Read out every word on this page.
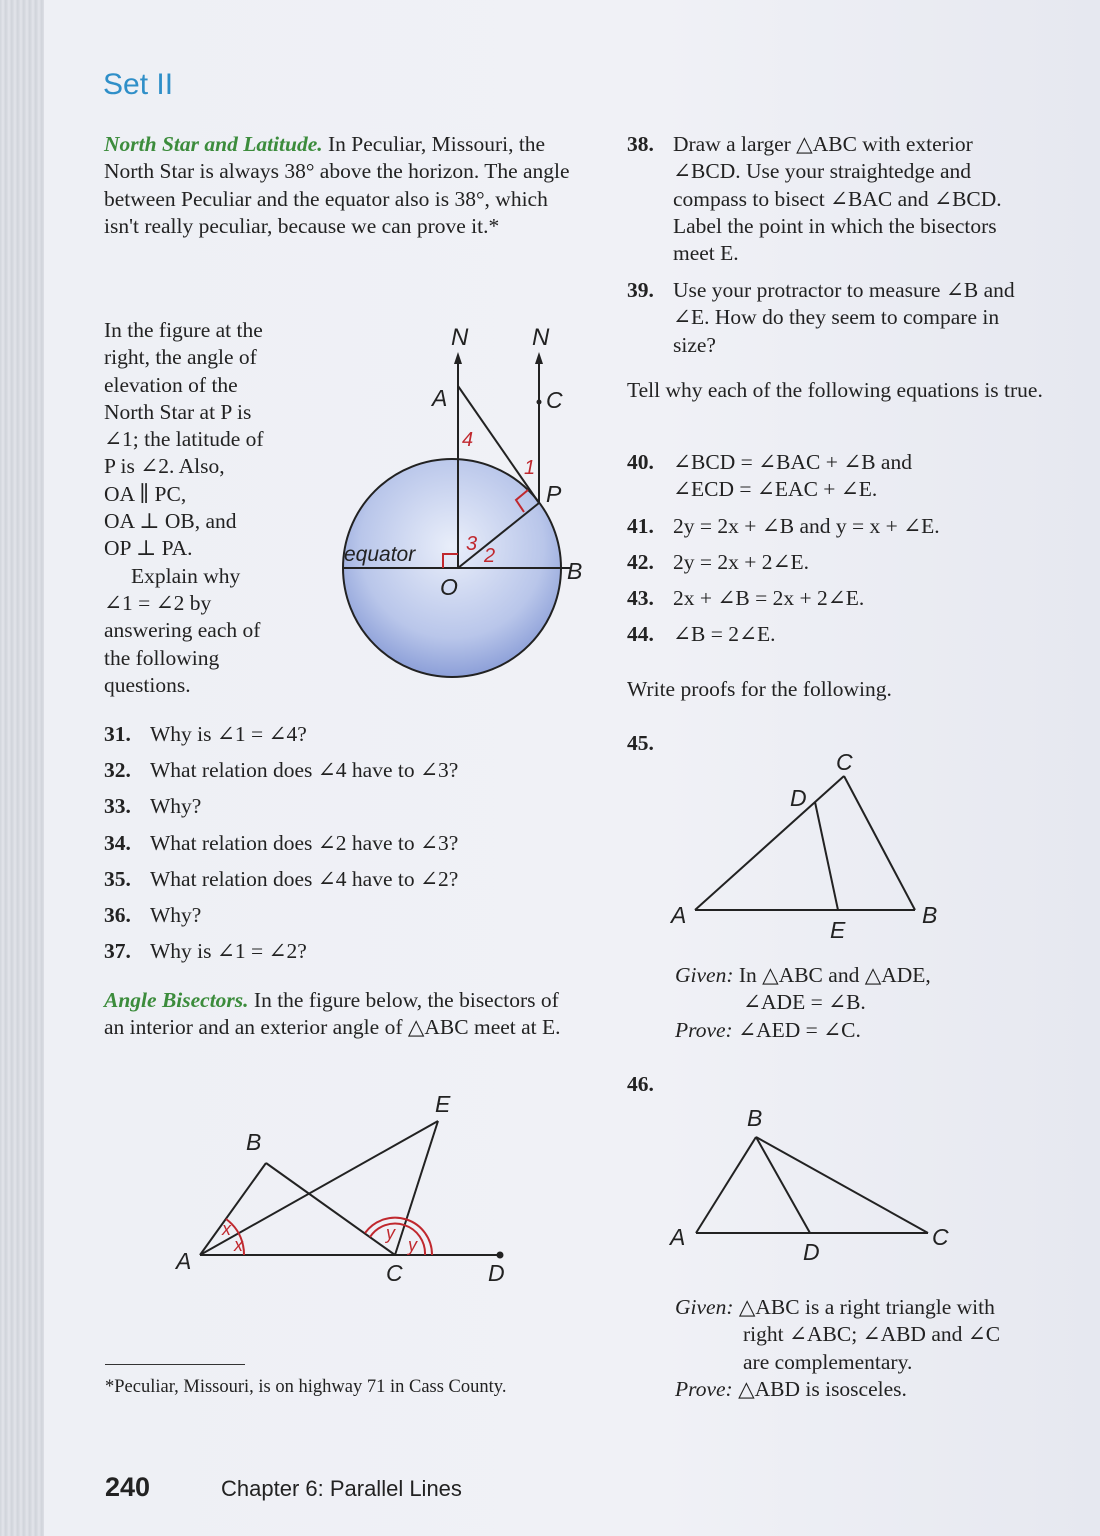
Set II
North Star and Latitude. In Peculiar, Missouri, the North Star is always 38° above the horizon. The angle between Peculiar and the equator also is 38°, which isn't really peculiar, because we can prove it.*
In the figure at the
right, the angle of
elevation of the
North Star at P is
∠1; the latitude of
P is ∠2. Also,
OA ∥ PC,
OA ⊥ OB, and
OP ⊥ PA.
Explain why
∠1 = ∠2 by
answering each of
the following
questions.
N	N
A	C
P
O
B
equator
4
1
3
2
31. Why is ∠1 = ∠4?
32. What relation does ∠4 have to ∠3?
33. Why?
34. What relation does ∠2 have to ∠3?
35. What relation does ∠4 have to ∠2?
36. Why?
37. Why is ∠1 = ∠2?
Angle Bisectors. In the figure below, the bisectors of an interior and an exterior angle of △ABC meet at E.
A
B
C	D
E
x
x
y
y
*Peculiar, Missouri, is on highway 71 in Cass County.
240	Chapter 6: Parallel Lines
38. Draw a larger △ABC with exterior
∠BCD. Use your straightedge and
compass to bisect ∠BAC and ∠BCD.
Label the point in which the bisectors
meet E.
39. Use your protractor to measure ∠B and
∠E. How do they seem to compare in
size?
Tell why each of the following equations is true.
40. ∠BCD = ∠BAC + ∠B and
∠ECD = ∠EAC + ∠E.
41. 2y = 2x + ∠B and y = x + ∠E.
42. 2y = 2x + 2∠E.
43. 2x + ∠B = 2x + 2∠E.
44. ∠B = 2∠E.
Write proofs for the following.
45.
A	B
C
D
E
Given: In △ABC and △ADE,
∠ADE = ∠B.
Prove: ∠AED = ∠C.
46.
A
B
C
D
Given: △ABC is a right triangle with
right ∠ABC; ∠ABD and ∠C
are complementary.
Prove: △ABD is isosceles.
